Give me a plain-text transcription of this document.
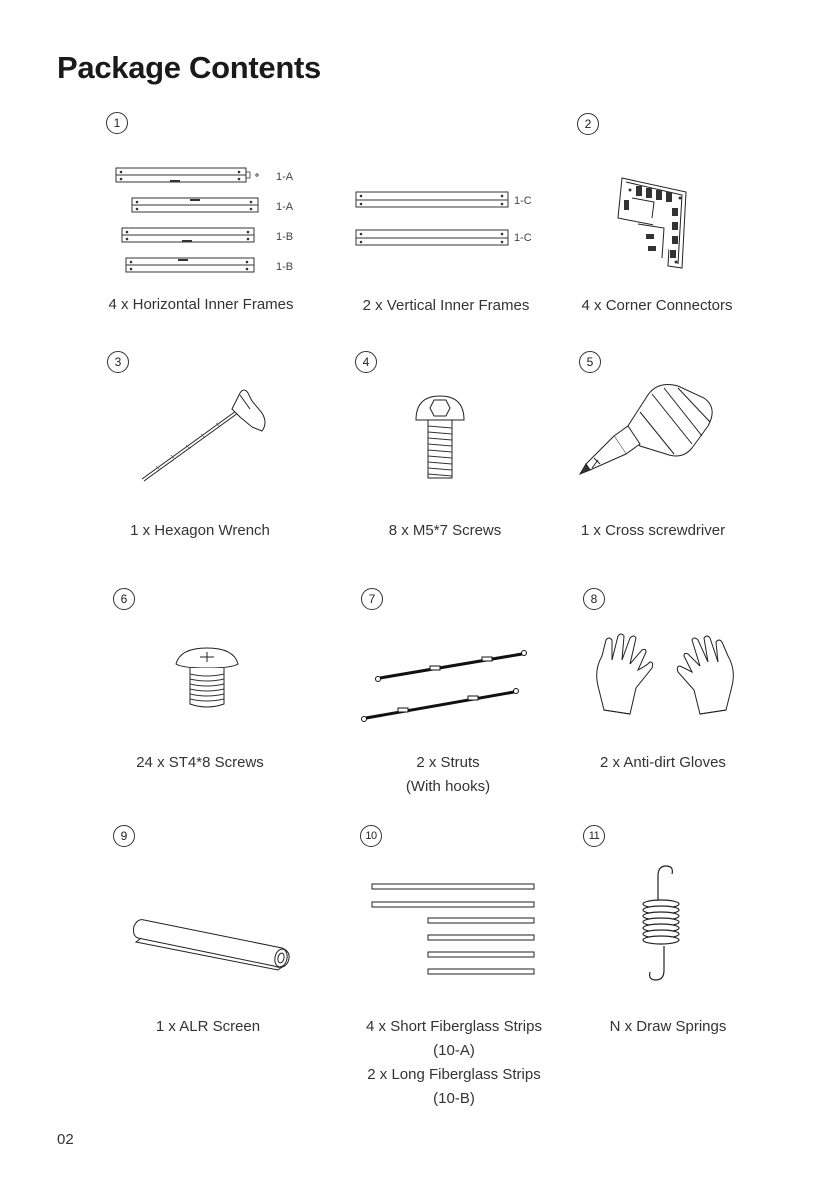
Package Contents
1	2
1-A
1-A
1-B
1-B
1-C
1-C
4 x Horizontal Inner Frames	2 x Vertical Inner Frames	4 x Corner Connectors
3	4	5
1 x Hexagon Wrench	8 x M5*7 Screws	1 x Cross screwdriver
6	7	8
24 x ST4*8 Screws	2 x Struts
(With hooks)
2 x Anti-dirt Gloves
9	10	11
1 x ALR Screen	4 x Short Fiberglass Strips
(10-A)
2 x Long Fiberglass Strips
(10-B)
N x Draw Springs
02
